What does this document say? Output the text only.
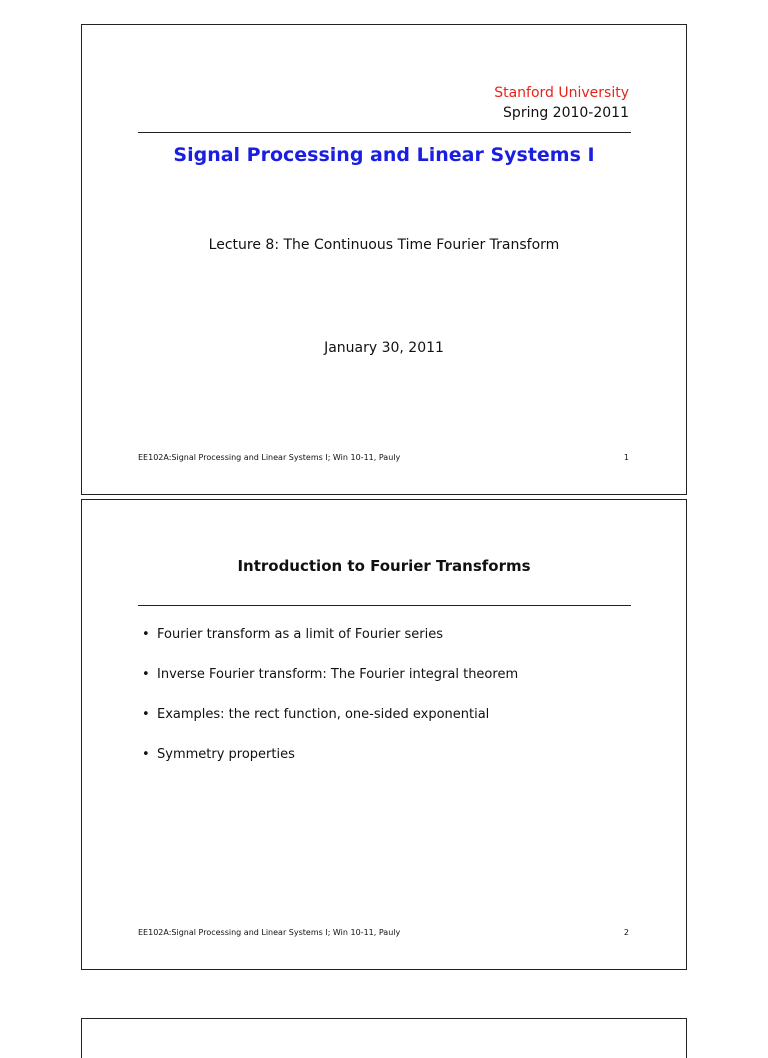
Stanford University
Spring 2010-2011
Signal Processing and Linear Systems I
Lecture 8: The Continuous Time Fourier Transform
January 30, 2011
EE102A:Signal Processing and Linear Systems I; Win 10-11, Pauly	1
Introduction to Fourier Transforms
• Fourier transform as a limit of Fourier series
• Inverse Fourier transform: The Fourier integral theorem
• Examples: the rect function, one-sided exponential
• Symmetry properties
EE102A:Signal Processing and Linear Systems I; Win 10-11, Pauly	2
